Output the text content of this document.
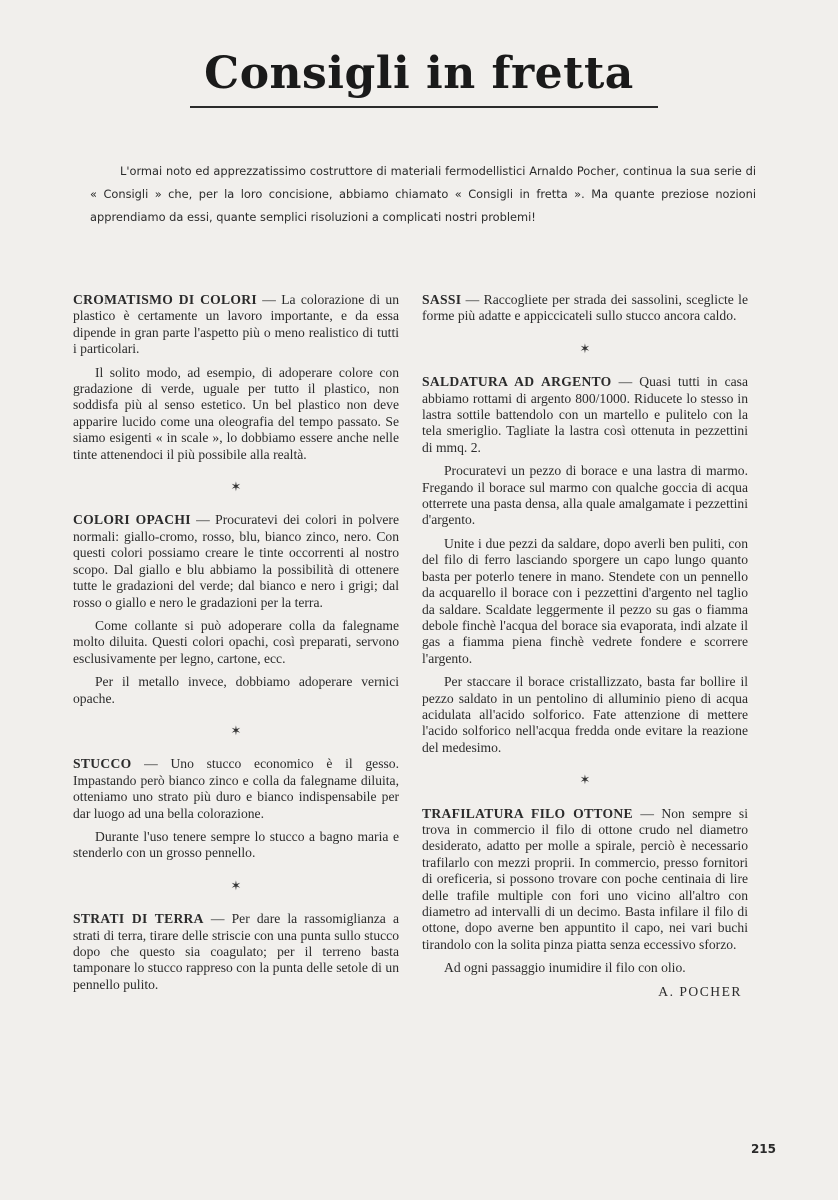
Consigli in fretta

L'ormai noto ed apprezzatissimo costruttore di materiali fermodellistici Arnaldo Pocher, continua la sua serie di « Consigli » che, per la loro concisione, abbiamo chiamato « Consigli in fretta ». Ma quante preziose nozioni apprendiamo da essi, quante semplici risoluzioni a complicati nostri problemi!

CROMATISMO DI COLORI — La colorazione di un plastico è certamente un lavoro importante, e da essa dipende in gran parte l'aspetto più o meno realistico di tutti i particolari.

Il solito modo, ad esempio, di adoperare colore con gradazione di verde, uguale per tutto il plastico, non soddisfa più al senso estetico. Un bel plastico non deve apparire lucido come una oleografia del tempo passato. Se siamo esigenti « in scale », lo dobbiamo essere anche nelle tinte attenendoci il più possibile alla realtà.

✶

COLORI OPACHI — Procuratevi dei colori in polvere normali: giallo-cromo, rosso, blu, bianco zinco, nero. Con questi colori possiamo creare le tinte occorrenti al nostro scopo. Dal giallo e blu abbiamo la possibilità di ottenere tutte le gradazioni del verde; dal bianco e nero i grigi; dal rosso o giallo e nero le gradazioni per la terra.

Come collante si può adoperare colla da falegname molto diluita. Questi colori opachi, così preparati, servono esclusivamente per legno, cartone, ecc.

Per il metallo invece, dobbiamo adoperare vernici opache.

✶

STUCCO — Uno stucco economico è il gesso. Impastando però bianco zinco e colla da falegname diluita, otteniamo uno strato più duro e bianco indispensabile per dar luogo ad una bella colorazione.

Durante l'uso tenere sempre lo stucco a bagno maria e stenderlo con un grosso pennello.

✶

STRATI DI TERRA — Per dare la rassomiglianza a strati di terra, tirare delle striscie con una punta sullo stucco dopo che questo sia coagulato; per il terreno basta tamponare lo stucco rappreso con la punta delle setole di un pennello pulito.

SASSI — Raccogliete per strada dei sassolini, sceglicte le forme più adatte e appiccicateli sullo stucco ancora caldo.

✶

SALDATURA AD ARGENTO — Quasi tutti in casa abbiamo rottami di argento 800/1000. Riducete lo stesso in lastra sottile battendolo con un martello e pulitelo con la tela smeriglio. Tagliate la lastra così ottenuta in pezzettini di mmq. 2.

Procuratevi un pezzo di borace e una lastra di marmo. Fregando il borace sul marmo con qualche goccia di acqua otterrete una pasta densa, alla quale amalgamate i pezzettini d'argento.

Unite i due pezzi da saldare, dopo averli ben puliti, con del filo di ferro lasciando sporgere un capo lungo quanto basta per poterlo tenere in mano. Stendete con un pennello da acquarello il borace con i pezzettini d'argento nel taglio da saldare. Scaldate leggermente il pezzo su gas o fiamma debole finchè l'acqua del borace sia evaporata, indi alzate il gas a fiamma piena finchè vedrete fondere e scorrere l'argento.

Per staccare il borace cristallizzato, basta far bollire il pezzo saldato in un pentolino di alluminio pieno di acqua acidulata all'acido solforico. Fate attenzione di mettere l'acido solforico nell'acqua fredda onde evitare la reazione del medesimo.

✶

TRAFILATURA FILO OTTONE — Non sempre si trova in commercio il filo di ottone crudo nel diametro desiderato, adatto per molle a spirale, perciò è necessario trafilarlo con mezzi proprii. In commercio, presso fornitori di oreficeria, si possono trovare con poche centinaia di lire delle trafile multiple con fori uno vicino all'altro con diametro ad intervalli di un decimo. Basta infilare il filo di ottone, dopo averne ben appuntito il capo, nei vari buchi tirandolo con la solita pinza piatta senza eccessivo sforzo.

Ad ogni passaggio inumidire il filo con olio.

A. POCHER
215
